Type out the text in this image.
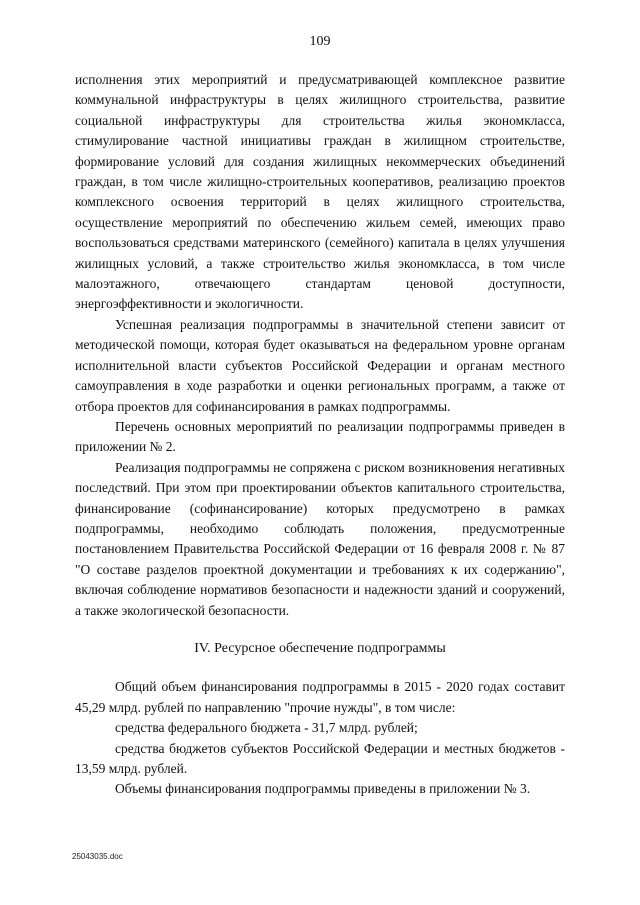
109

исполнения этих мероприятий и предусматривающей комплексное развитие коммунальной инфраструктуры в целях жилищного строительства, развитие социальной инфраструктуры для строительства жилья экономкласса, стимулирование частной инициативы граждан в жилищном строительстве, формирование условий для создания жилищных некоммерческих объединений граждан, в том числе жилищно-строительных кооперативов, реализацию проектов комплексного освоения территорий в целях жилищного строительства, осуществление мероприятий по обеспечению жильем семей, имеющих право воспользоваться средствами материнского (семейного) капитала в целях улучшения жилищных условий, а также строительство жилья экономкласса, в том числе малоэтажного, отвечающего стандартам ценовой доступности, энергоэффективности и экологичности.

Успешная реализация подпрограммы в значительной степени зависит от методической помощи, которая будет оказываться на федеральном уровне органам исполнительной власти субъектов Российской Федерации и органам местного самоуправления в ходе разработки и оценки региональных программ, а также от отбора проектов для софинансирования в рамках подпрограммы.

Перечень основных мероприятий по реализации подпрограммы приведен в приложении № 2.

Реализация подпрограммы не сопряжена с риском возникновения негативных последствий. При этом при проектировании объектов капитального строительства, финансирование (софинансирование) которых предусмотрено в рамках подпрограммы, необходимо соблюдать положения, предусмотренные постановлением Правительства Российской Федерации от 16 февраля 2008 г. № 87 "О составе разделов проектной документации и требованиях к их содержанию", включая соблюдение нормативов безопасности и надежности зданий и сооружений, а также экологической безопасности.

IV. Ресурсное обеспечение подпрограммы

Общий объем финансирования подпрограммы в 2015 - 2020 годах составит 45,29 млрд. рублей по направлению "прочие нужды", в том числе:

средства федерального бюджета - 31,7 млрд. рублей;

средства бюджетов субъектов Российской Федерации и местных бюджетов - 13,59 млрд. рублей.

Объемы финансирования подпрограммы приведены в приложении № 3.

25043035.doc
